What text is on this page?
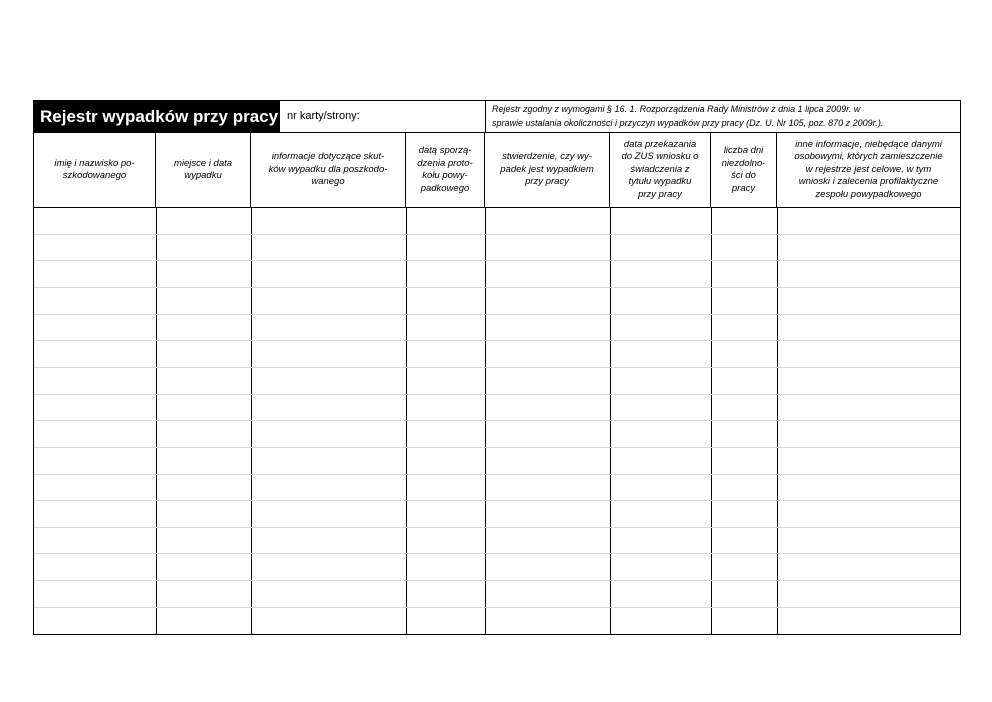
Rejestr wypadków przy pracy nr karty/strony:
Rejestr zgodny z wymogami § 16. 1. Rozporządzenia Rady Ministrów z dnia 1 lipca 2009r. w
sprawie ustalania okoliczności i przyczyn wypadków przy pracy (Dz. U. Nr 105, poz. 870 z 2009r.).
imię i nazwisko po-
szkodowanego
miejsce i data
wypadku
informacje dotyczące skut-
ków wypadku dla poszkodo-
wanego
datą sporzą-
dzenia proto-
kołu powy-
padkowego
stwierdzenie, czy wy-
padek jest wypadkiem
przy pracy
data przekazania
do ZUS wniosku o
świadczenia z
tytułu wypadku
przy pracy
liczba dni
niezdolno-
ści do
pracy
inne informacje, niebędące danymi
osobowymi, których zamieszczenie
w rejestrze jest celowe, w tym
wnioski i zalecenia profilaktyczne
zespołu powypadkowego
